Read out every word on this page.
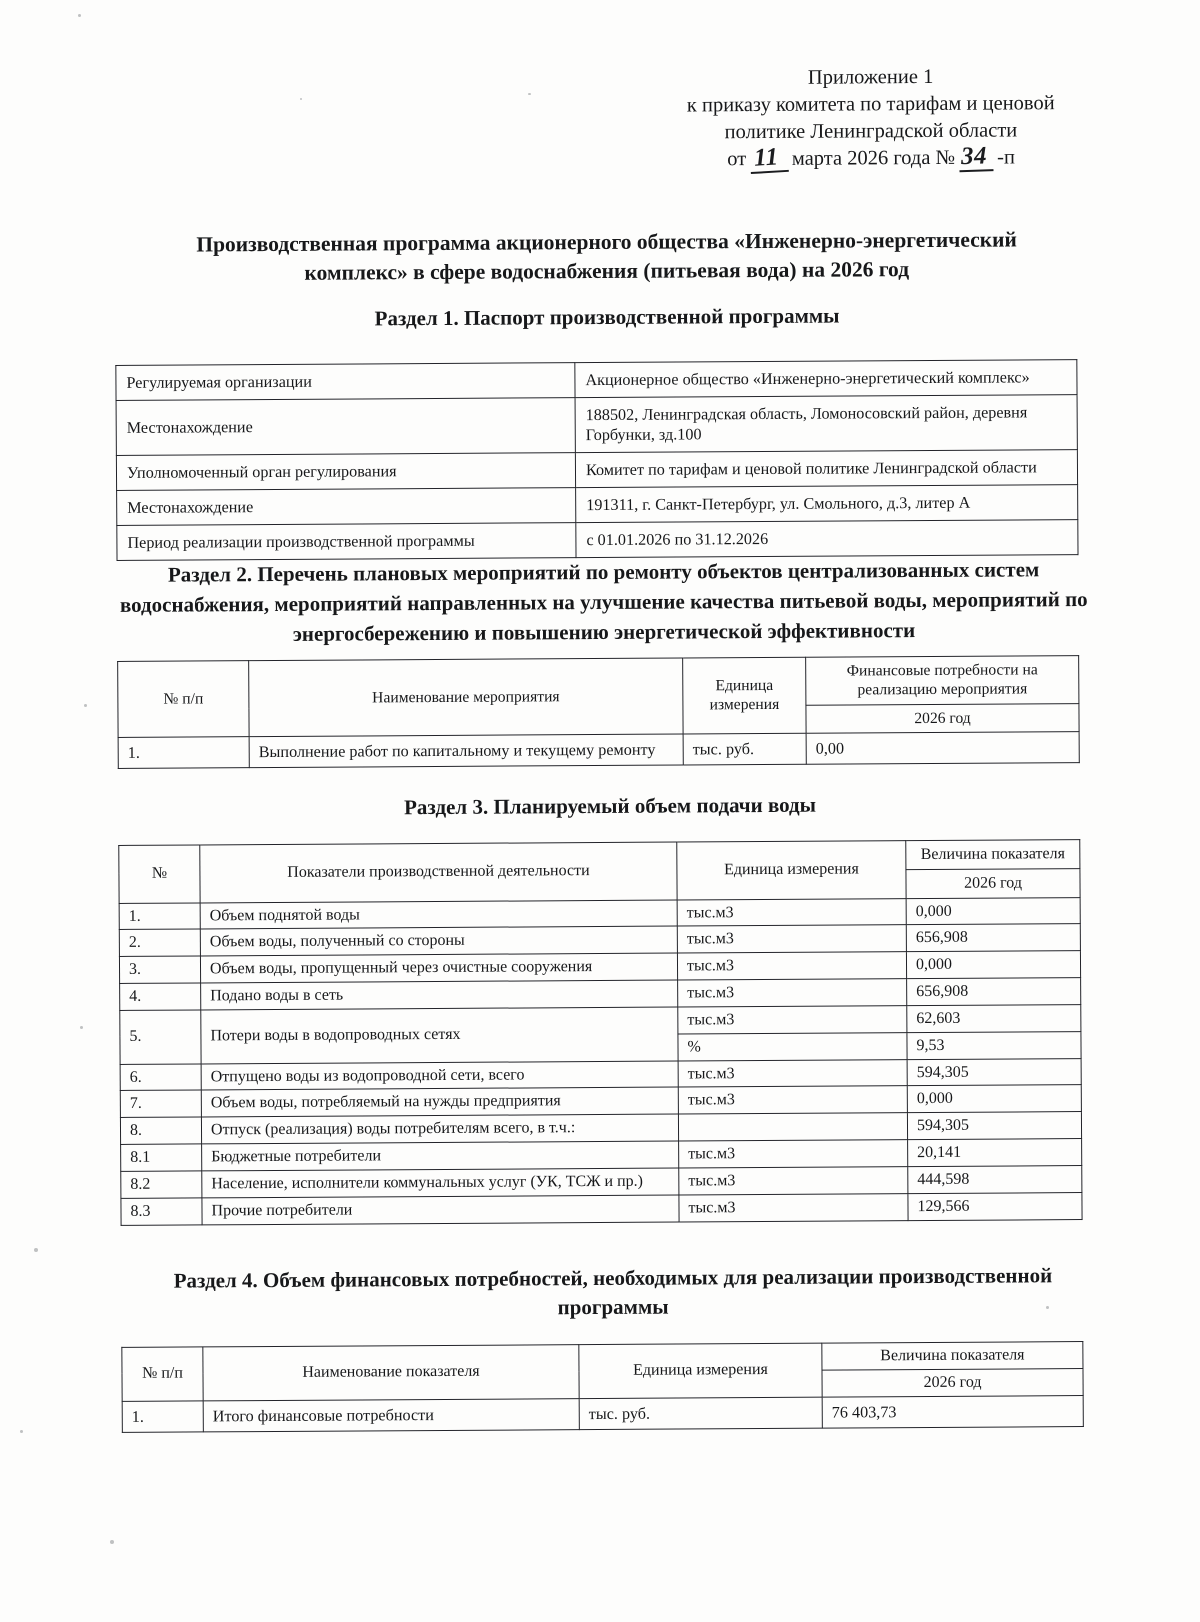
Приложение 1
к приказу комитета по тарифам и ценовой
политике Ленинградской области
от 11 марта 2026 года № 34 -п
Производственная программа акционерного общества «Инженерно-энергетический комплекс» в сфере водоснабжения (питьевая вода) на 2026 год
Раздел 1. Паспорт производственной программы
Регулируемая организации	Акционерное общество «Инженерно-энергетический комплекс»
Местонахождение	188502, Ленинградская область, Ломоносовский район, деревня Горбунки, зд.100
Уполномоченный орган регулирования	Комитет по тарифам и ценовой политике Ленинградской области
Местонахождение	191311, г. Санкт-Петербург, ул. Смольного, д.3, литер А
Период реализации производственной программы	с 01.01.2026 по 31.12.2026
Раздел 2. Перечень плановых мероприятий по ремонту объектов централизованных систем водоснабжения, мероприятий направленных на улучшение качества питьевой воды, мероприятий по энергосбережению и повышению энергетической эффективности
№ п/п	Наименование мероприятия	Единица измерения	Финансовые потребности на реализацию мероприятия
			2026 год
1.	Выполнение работ по капитальному и текущему ремонту	тыс. руб.	0,00
Раздел 3. Планируемый объем подачи воды
№	Показатели производственной деятельности	Единица измерения	Величина показателя
			2026 год
1.	Объем поднятой воды	тыс.м3	0,000
2.	Объем воды, полученный со стороны	тыс.м3	656,908
3.	Объем воды, пропущенный через очистные сооружения	тыс.м3	0,000
4.	Подано воды в сеть	тыс.м3	656,908
5.	Потери воды в водопроводных сетях	тыс.м3	62,603
		%	9,53
6.	Отпущено воды из водопроводной сети, всего	тыс.м3	594,305
7.	Объем воды, потребляемый на нужды предприятия	тыс.м3	0,000
8.	Отпуск (реализация) воды потребителям всего, в т.ч.:		594,305
8.1	Бюджетные потребители	тыс.м3	20,141
8.2	Население, исполнители коммунальных услуг (УК, ТСЖ и пр.)	тыс.м3	444,598
8.3	Прочие потребители	тыс.м3	129,566
Раздел 4. Объем финансовых потребностей, необходимых для реализации производственной программы
№ п/п	Наименование показателя	Единица измерения	Величина показателя
			2026 год
1.	Итого финансовые потребности	тыс. руб.	76 403,73
